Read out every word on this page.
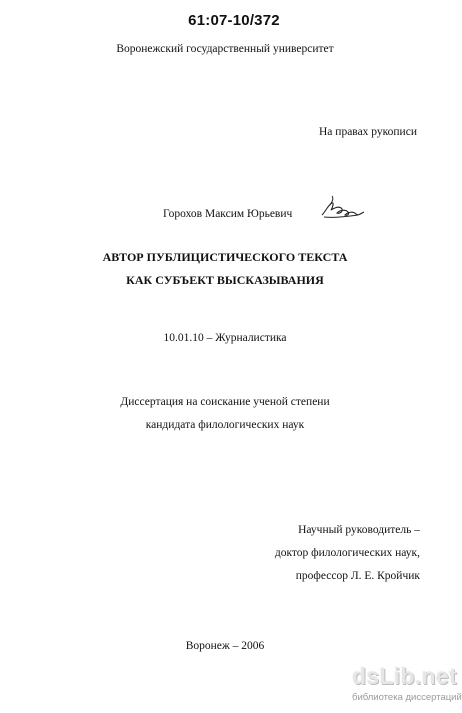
61:07-10/372
Воронежский государственный университет
На правах рукописи
Горохов Максим Юрьевич
АВТОР ПУБЛИЦИСТИЧЕСКОГО ТЕКСТА
КАК СУБЪЕКТ ВЫСКАЗЫВАНИЯ
10.01.10 – Журналистика
Диссертация на соискание ученой степени
кандидата филологических наук
Научный руководитель –
доктор филологических наук,
профессор Л. Е. Кройчик
Воронеж – 2006
dsLib.net
библиотека диссертаций
